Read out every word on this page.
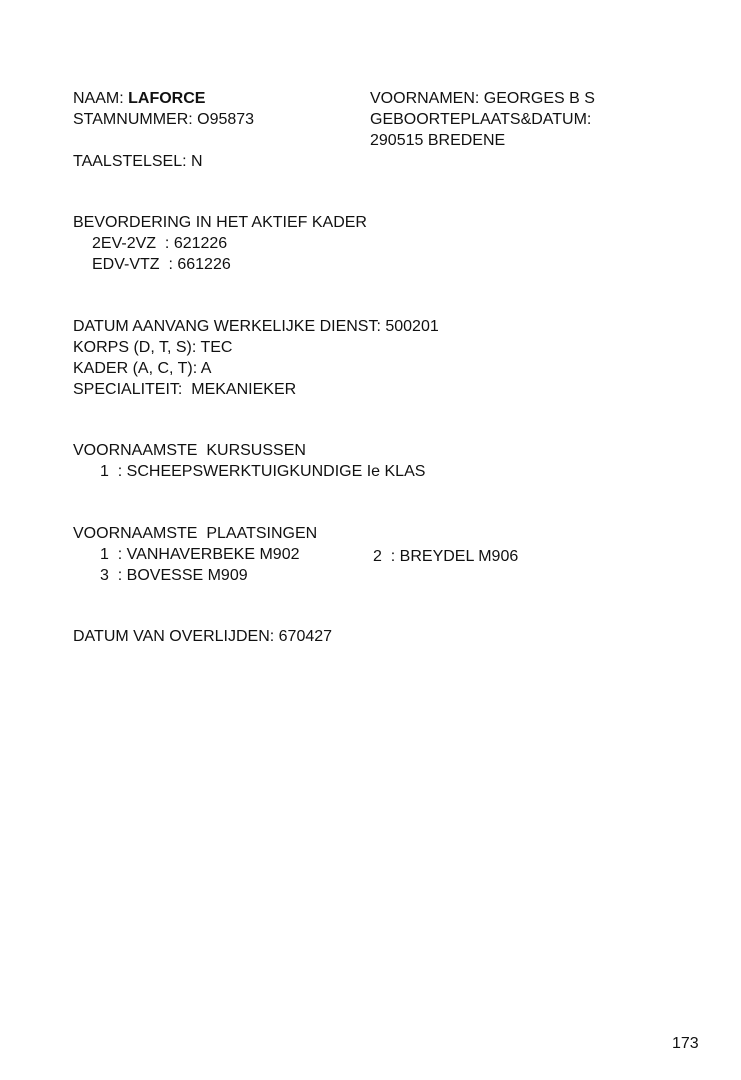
NAAM: LAFORCE
STAMNUMMER: O95873
VOORNAMEN: GEORGES B S
GEBOORTEPLAATS&DATUM:
290515 BREDENE
TAALSTELSEL: N
BEVORDERING IN HET AKTIEF KADER
2EV-2VZ  : 621226
EDV-VTZ  : 661226
DATUM AANVANG WERKELIJKE DIENST: 500201
KORPS (D, T, S): TEC
KADER (A, C, T): A
SPECIALITEIT:  MEKANIEKER
VOORNAAMSTE  KURSUSSEN
1  : SCHEEPSWERKTUIGKUNDIGE Ie KLAS
VOORNAAMSTE  PLAATSINGEN
1  : VANHAVERBEKE M902	2  : BREYDEL M906
3  : BOVESSE M909
DATUM VAN OVERLIJDEN: 670427
173
